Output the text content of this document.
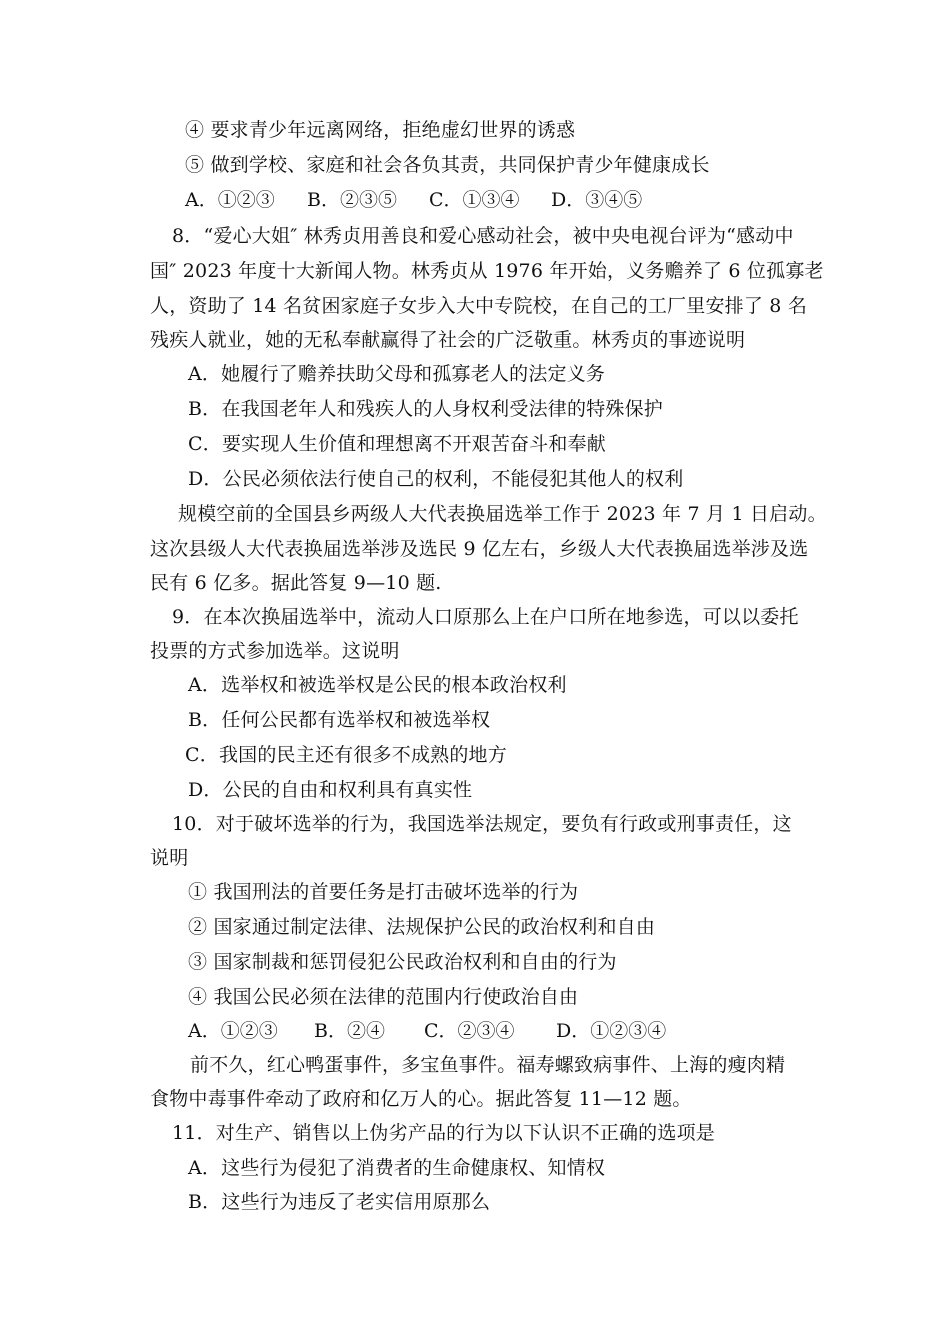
④ 要求青少年远离网络，拒绝虚幻世界的诱惑
⑤ 做到学校、家庭和社会各负其责，共同保护青少年健康成长
A．①②③ B．②③⑤ C．①③④ D．③④⑤
8．“爱心大姐″ 林秀贞用善良和爱心感动社会，被中央电视台评为“感动中
国″ 2023 年度十大新闻人物。林秀贞从 1976 年开始，义务赡养了 6 位孤寡老
人，资助了 14 名贫困家庭子女步入大中专院校，在自己的工厂里安排了 8 名
残疾人就业，她的无私奉献赢得了社会的广泛敬重。林秀贞的事迹说明
A．她履行了赡养扶助父母和孤寡老人的法定义务
B．在我国老年人和残疾人的人身权利受法律的特殊保护
C．要实现人生价值和理想离不开艰苦奋斗和奉献
D．公民必须依法行使自己的权利，不能侵犯其他人的权利
规模空前的全国县乡两级人大代表换届选举工作于 2023 年 7 月 1 日启动。
这次县级人大代表换届选举涉及选民 9 亿左右，乡级人大代表换届选举涉及选
民有 6 亿多。据此答复 9—10 题.
9．在本次换届选举中，流动人口原那么上在户口所在地参选，可以以委托
投票的方式参加选举。这说明
A．选举权和被选举权是公民的根本政治权利
B．任何公民都有选举权和被选举权
C．我国的民主还有很多不成熟的地方
D．公民的自由和权利具有真实性
10．对于破坏选举的行为，我国选举法规定，要负有行政或刑事责任，这
说明
① 我国刑法的首要任务是打击破坏选举的行为
② 国家通过制定法律、法规保护公民的政治权利和自由
③ 国家制裁和惩罚侵犯公民政治权利和自由的行为
④ 我国公民必须在法律的范围内行使政治自由
A．①②③ B．②④ C．②③④ D．①②③④
前不久，红心鸭蛋事件，多宝鱼事件。福寿螺致病事件、上海的瘦肉精
食物中毒事件牵动了政府和亿万人的心。据此答复 11—12 题。
11．对生产、销售以上伪劣产品的行为以下认识不正确的选项是
A．这些行为侵犯了消费者的生命健康权、知情权
B．这些行为违反了老实信用原那么
